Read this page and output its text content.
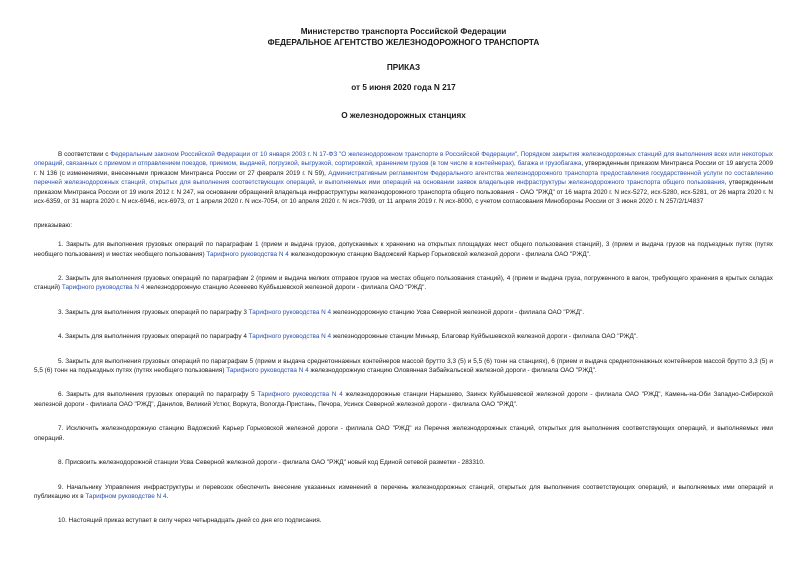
Министерство транспорта Российской Федерации
ФЕДЕРАЛЬНОЕ АГЕНТСТВО ЖЕЛЕЗНОДОРОЖНОГО ТРАНСПОРТА
ПРИКАЗ
от 5 июня 2020 года N 217
О железнодорожных станциях

В соответствии с Федеральным законом Российской Федерации от 10 января 2003 г. N 17-ФЗ "О железнодорожном транспорте в Российской Федерации", Порядком закрытия железнодорожных станций для выполнения всех или некоторых операций, связанных с приемом и отправлением поездов, приемом, выдачей, погрузкой, выгрузкой, сортировкой, хранением грузов (в том числе в контейнерах), багажа и грузобагажа, утвержденным приказом Минтранса России от 19 августа 2009 г. N 136 (с изменениями, внесенными приказом Минтранса России от 27 февраля 2019 г. N 59), Административным регламентом Федерального агентства железнодорожного транспорта предоставления государственной услуги по составлению перечней железнодорожных станций, открытых для выполнения соответствующих операций, и выполняемых ими операций на основании заявок владельцев инфраструктуры железнодорожного транспорта общего пользования, утвержденным приказом Минтранса России от 19 июля 2012 г. N 247, на основании обращений владельца инфраструктуры железнодорожного транспорта общего пользования - ОАО "РЖД" от 16 марта 2020 г. N исх-5272, исх-5280, исх-5281, от 26 марта 2020 г. N исх-6359, от 31 марта 2020 г. N исх-6946, исх-6973, от 1 апреля 2020 г. N исх-7054, от 10 апреля 2020 г. N исх-7939, от 11 апреля 2019 г. N исх-8000, с учетом согласования Минобороны России от 3 июня 2020 г. N 257/2/1/4837

приказываю:

1. Закрыть для выполнения грузовых операций по параграфам 1 (прием и выдача грузов, допускаемых к хранению на открытых площадках мест общего пользования станций), 3 (прием и выдача грузов на подъездных путях (путях необщего пользования) и местах необщего пользования) Тарифного руководства N 4 железнодорожную станцию Вадожский Карьер Горьковской железной дороги - филиала ОАО "РЖД".

2. Закрыть для выполнения грузовых операций по параграфам 2 (прием и выдача мелких отправок грузов на местах общего пользования станций), 4 (прием и выдача груза, погруженного в вагон, требующего хранения в крытых складах станций) Тарифного руководства N 4 железнодорожную станцию Асекеево Куйбышевской железной дороги - филиала ОАО "РЖД".

3. Закрыть для выполнения грузовых операций по параграфу 3 Тарифного руководства N 4 железнодорожную станцию Усва Северной железной дороги - филиала ОАО "РЖД".

4. Закрыть для выполнения грузовых операций по параграфу 4 Тарифного руководства N 4 железнодорожные станции Миньяр, Благовар Куйбышевской железной дороги - филиала ОАО "РЖД".

5. Закрыть для выполнения грузовых операций по параграфам 5 (прием и выдача среднетоннажных контейнеров массой брутто 3,3 (5) и 5,5 (6) тонн на станциях), 6 (прием и выдача среднетоннажных контейнеров массой брутто 3,3 (5) и 5,5 (6) тонн на подъездных путях (путях необщего пользования) Тарифного руководства N 4 железнодорожную станцию Оловянная Забайкальской железной дороги - филиала ОАО "РЖД".

6. Закрыть для выполнения грузовых операций по параграфу 5 Тарифного руководства N 4 железнодорожные станции Нарышево, Заинск Куйбышевской железной дороги - филиала ОАО "РЖД", Камень-на-Оби Западно-Сибирской железной дороги - филиала ОАО "РЖД", Данилов, Великий Устюг, Воркута, Вологда-Пристань, Печора, Усинск Северной железной дороги - филиала ОАО "РЖД".

7. Исключить железнодорожную станцию Вадожский Карьер Горьковской железной дороги - филиала ОАО "РЖД" из Перечня железнодорожных станций, открытых для выполнения соответствующих операций, и выполняемых ими операций.

8. Присвоить железнодорожной станции Усва Северной железной дороги - филиала ОАО "РЖД" новый код Единой сетевой разметки - 283310.

9. Начальнику Управления инфраструктуры и перевозок обеспечить внесение указанных изменений в перечень железнодорожных станций, открытых для выполнения соответствующих операций, и выполняемых ими операций и публикацию их в Тарифном руководстве N 4.

10. Настоящий приказ вступает в силу через четырнадцать дней со дня его подписания.
